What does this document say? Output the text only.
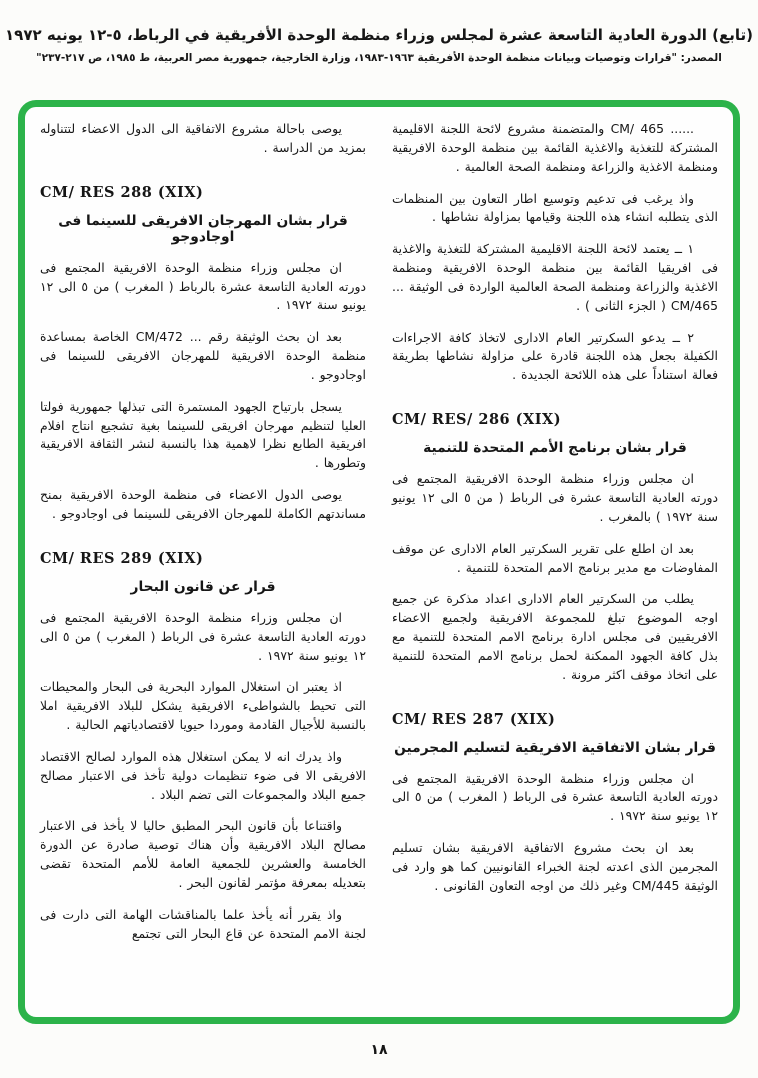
(تابع) الدورة العادية التاسعة عشرة لمجلس وزراء منظمة الوحدة الأفريقية في الرباط، ٥-١٢ يونيه ١٩٧٢
المصدر: "قرارات وتوصيات وبيانات منظمة الوحدة الأفريقية ١٩٦٣-١٩٨٣، وزارة الخارجية، جمهورية مصر العربية، ط ١٩٨٥، ص ٢١٧-٢٣٧"

...... CM/ 465 والمتضمنة مشروع لائحة اللجنة الاقليمية المشتركة للتغذية والاغذية القائمة بين منظمة الوحدة الافريقية ومنظمة الاغذية والزراعة ومنظمة الصحة العالمية .

واذ يرغب فى تدعيم وتوسيع اطار التعاون بين المنظمات الذى يتطلبه انشاء هذه اللجنة وقيامها بمزاولة نشاطها .

١ ــ يعتمد لائحة اللجنة الاقليمية المشتركة للتغذية والاغذية فى افريقيا القائمة بين منظمة الوحدة الافريقية ومنظمة الاغذية والزراعة ومنظمة الصحة العالمية الواردة فى الوثيقة ... CM/465 ( الجزء الثانى ) .

٢ ــ يدعو السكرتير العام الادارى لاتخاذ كافة الاجراءات الكفيلة بجعل هذه اللجنة قادرة على مزاولة نشاطها بطريقة فعالة استناداً على هذه اللائحة الجديدة .

CM/ RES/ 286 (XIX)
قرار بشان برنامج الأمم المتحدة للتنمية

ان مجلس وزراء منظمة الوحدة الافريقية المجتمع فى دورته العادية التاسعة عشرة فى الرباط ( من ٥ الى ١٢ يونيو سنة ١٩٧٢ ) بالمغرب .

بعد ان اطلع على تقرير السكرتير العام الادارى عن موقف المفاوضات مع مدير برنامج الامم المتحدة للتنمية .

يطلب من السكرتير العام الادارى اعداد مذكرة عن جميع اوجه الموضوع تبلغ للمجموعة الافريقية ولجميع الاعضاء الافريقيين فى مجلس ادارة برنامج الامم المتحدة للتنمية مع بذل كافة الجهود الممكنة لحمل برنامج الامم المتحدة للتنمية على اتخاذ موقف اكثر مرونة .

CM/ RES 287 (XIX)
قرار بشان الاتفاقية الافريقية لتسليم المجرمين

ان مجلس وزراء منظمة الوحدة الافريقية المجتمع فى دورته العادية التاسعة عشرة فى الرباط ( المغرب ) من ٥ الى ١٢ يونيو سنة ١٩٧٢ .

بعد ان بحث مشروع الاتفاقية الافريقية بشان تسليم المجرمين الذى اعدته لجنة الخبراء القانونيين كما هو وارد فى الوثيقة CM/445 وغير ذلك من اوجه التعاون القانونى .

يوصى باحالة مشروع الاتفاقية الى الدول الاعضاء لتتناوله بمزيد من الدراسة .

CM/ RES 288 (XIX)
قرار بشان المهرجان الافريقى للسينما فى اوجادوجو

ان مجلس وزراء منظمة الوحدة الافريقية المجتمع فى دورته العادية التاسعة عشرة بالرباط ( المغرب ) من ٥ الى ١٢ يونيو سنة ١٩٧٢ .

بعد ان بحث الوثيقة رقم ... CM/472 الخاصة بمساعدة منظمة الوحدة الافريقية للمهرجان الافريقى للسينما فى اوجادوجو .

يسجل بارتياح الجهود المستمرة التى تبذلها جمهورية فولتا العليا لتنظيم مهرجان افريقى للسينما بغية تشجيع انتاج افلام افريقية الطابع نظرا لاهمية هذا بالنسبة لنشر الثقافة الافريقية وتطورها .

يوصى الدول الاعضاء فى منظمة الوحدة الافريقية بمنح مساندتهم الكاملة للمهرجان الافريقى للسينما فى اوجادوجو .

CM/ RES 289 (XIX)
قرار عن قانون البحار

ان مجلس وزراء منظمة الوحدة الافريقية المجتمع فى دورته العادية التاسعة عشرة فى الرباط ( المغرب ) من ٥ الى ١٢ يونيو سنة ١٩٧٢ .

اذ يعتبر ان استغلال الموارد البحرية فى البحار والمحيطات التى تحيط بالشواطىء الافريقية يشكل للبلاد الافريقية املا بالنسبة للأجيال القادمة وموردا حيويا لاقتصادياتهم الحالية .

واذ يدرك انه لا يمكن استغلال هذه الموارد لصالح الاقتصاد الافريقى الا فى ضوء تنظيمات دولية تأخذ فى الاعتبار مصالح جميع البلاد والمجموعات التى تضم البلاد .

واقتناعا بأن قانون البحر المطبق حاليا لا يأخذ فى الاعتبار مصالح البلاد الافريقية وأن هناك توصية صادرة عن الدورة الخامسة والعشرين للجمعية العامة للأمم المتحدة تقضى بتعديله بمعرفة مؤتمر لقانون البحر .

واذ يقرر أنه يأخذ علما بالمناقشات الهامة التى دارت فى لجنة الامم المتحدة عن قاع البحار التى تجتمع

١٨
